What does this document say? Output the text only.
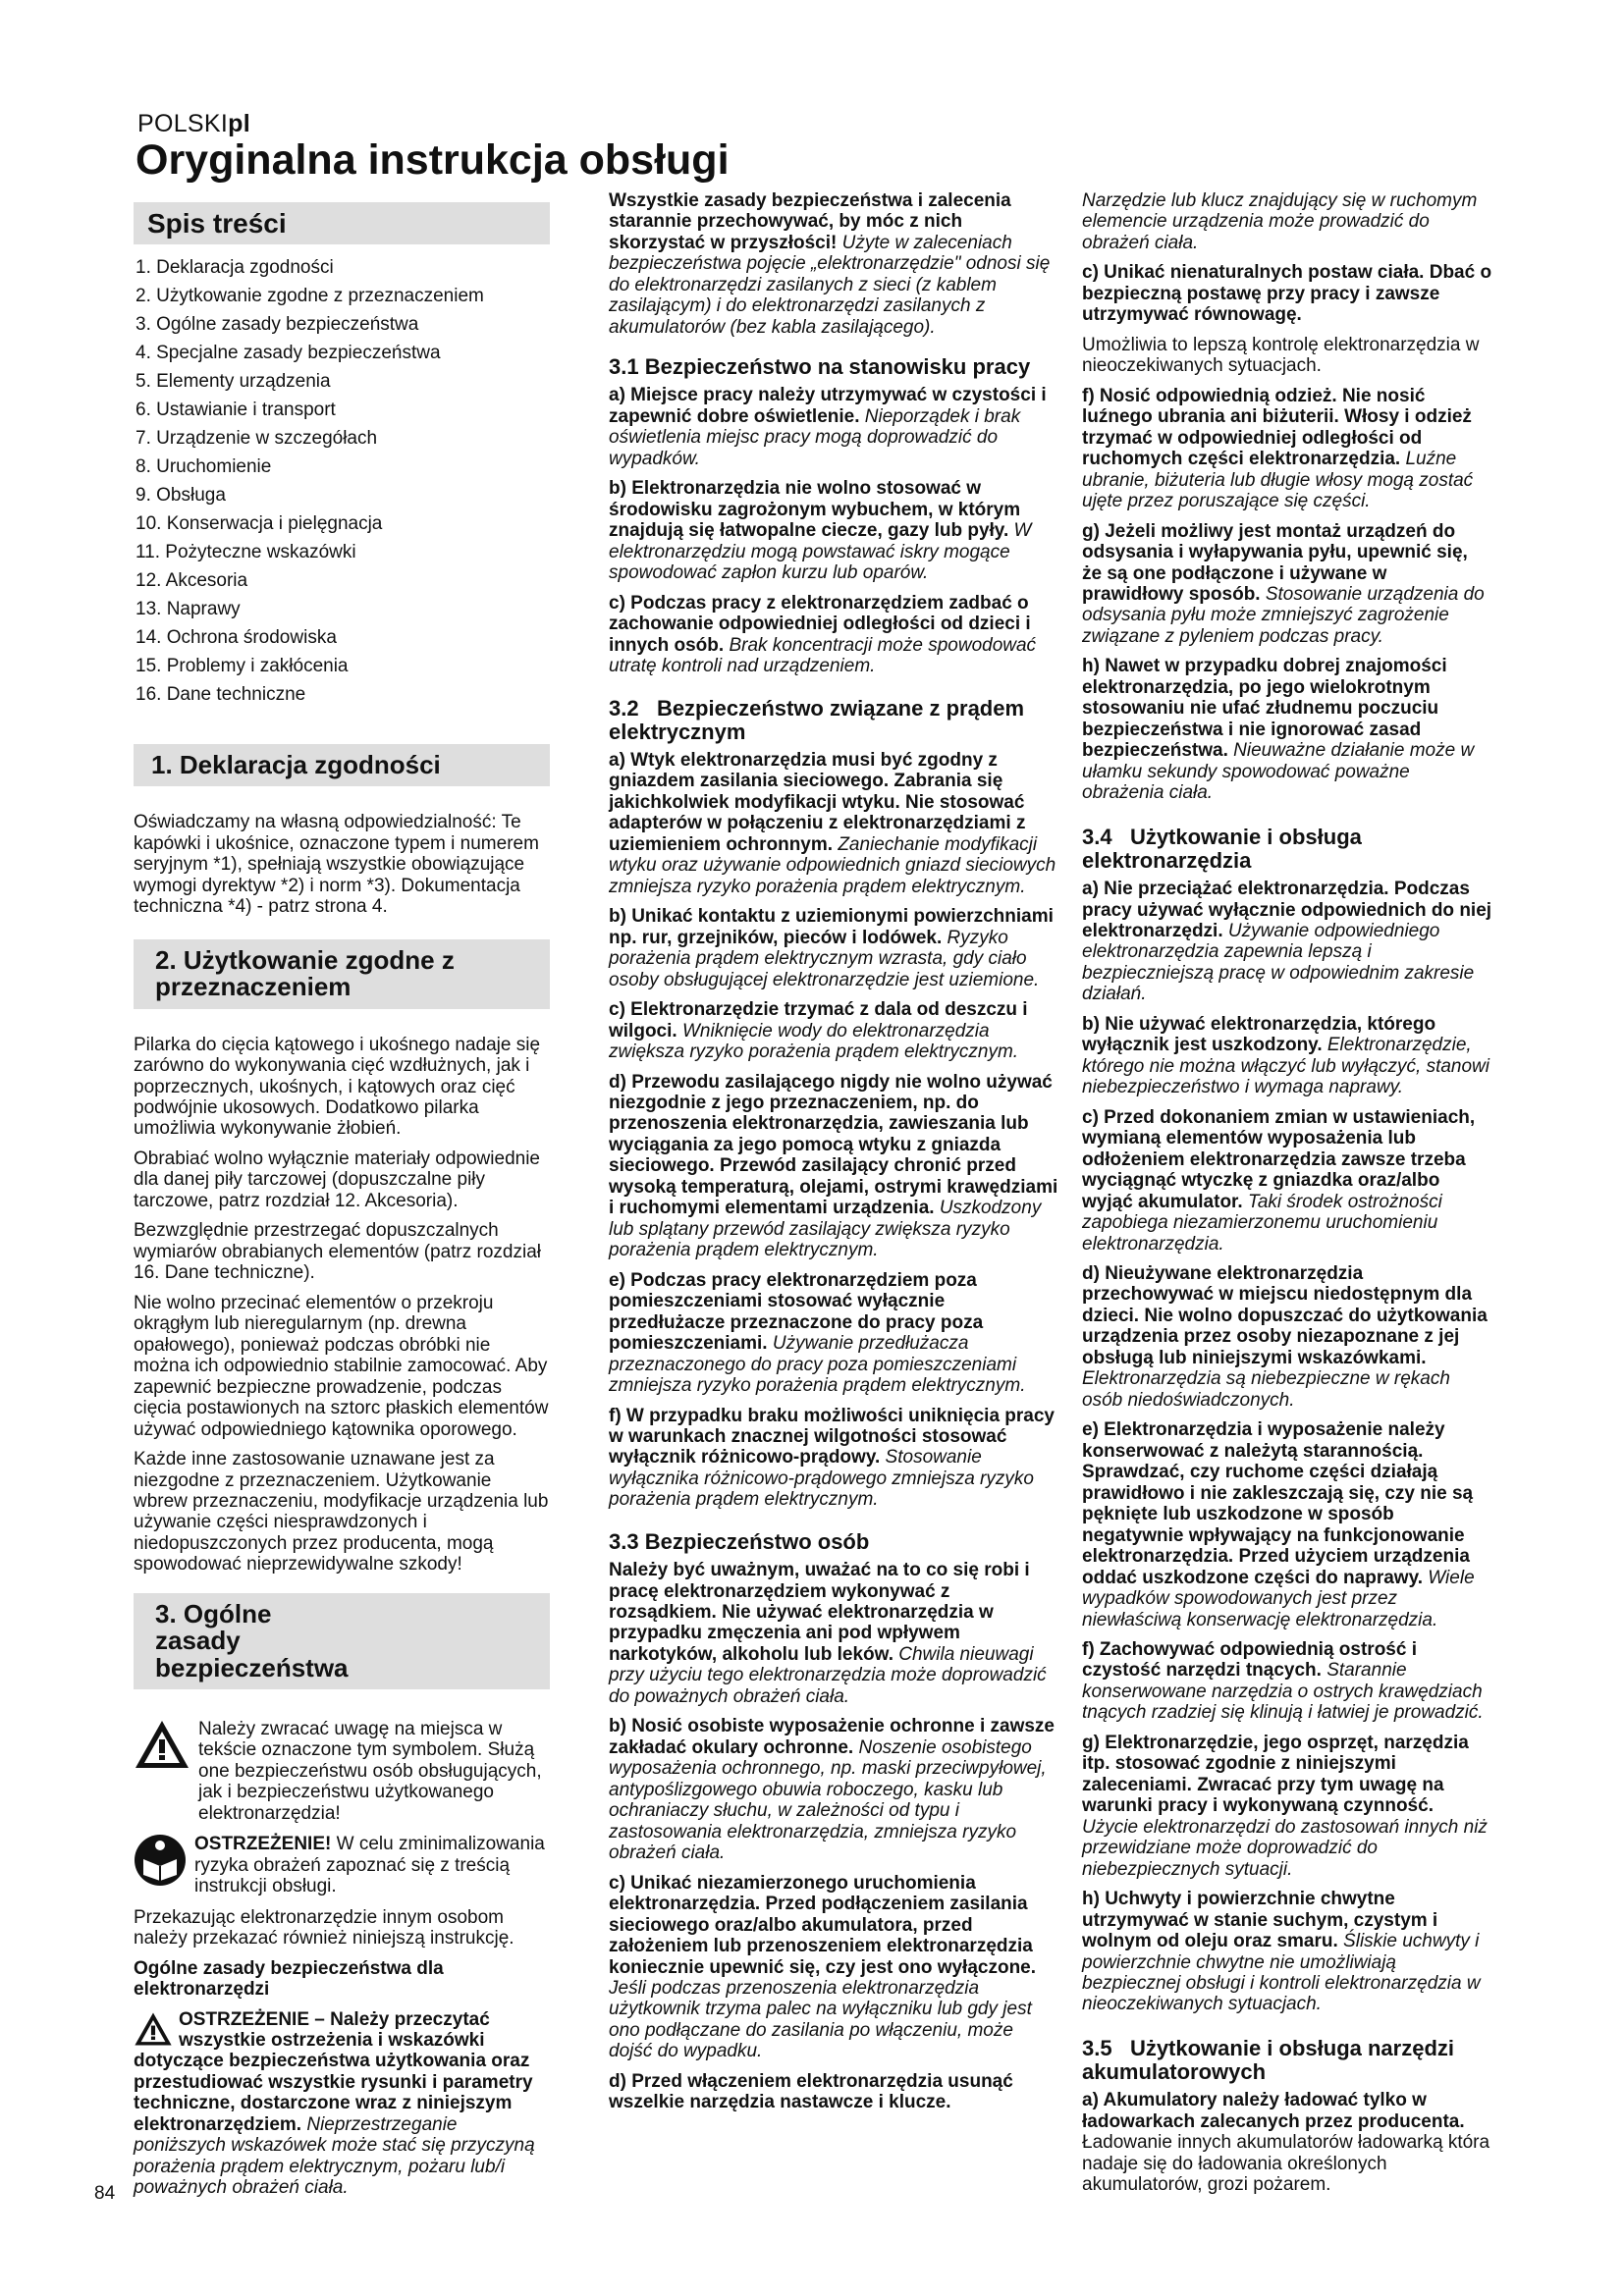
POLSKIpl
Oryginalna instrukcja obsługi
Spis treści
1. Deklaracja zgodności
2. Użytkowanie zgodne z przeznaczeniem
3. Ogólne zasady bezpieczeństwa
4. Specjalne zasady bezpieczeństwa
5. Elementy urządzenia
6. Ustawianie i transport
7. Urządzenie w szczegółach
8. Uruchomienie
9. Obsługa
10. Konserwacja i pielęgnacja
11. Pożyteczne wskazówki
12. Akcesoria
13. Naprawy
14. Ochrona środowiska
15. Problemy i zakłócenia
16. Dane techniczne
1. Deklaracja zgodności

Oświadczamy na własną odpowiedzialność: Te kapówki i ukośnice, oznaczone typem i numerem seryjnym *1), spełniają wszystkie obowiązujące wymogi dyrektyw *2) i norm *3). Dokumentacja techniczna *4) - patrz strona 4.

2. Użytkowanie zgodne z przeznaczeniem

Pilarka do cięcia kątowego i ukośnego nadaje się zarówno do wykonywania cięć wzdłużnych, jak i poprzecznych, ukośnych, i kątowych oraz cięć podwójnie ukosowych. Dodatkowo pilarka umożliwia wykonywanie żłobień.

Obrabiać wolno wyłącznie materiały odpowiednie dla danej piły tarczowej (dopuszczalne piły tarczowe, patrz rozdział 12. Akcesoria).

Bezwzględnie przestrzegać dopuszczalnych wymiarów obrabianych elementów (patrz rozdział 16. Dane techniczne).

Nie wolno przecinać elementów o przekroju okrągłym lub nieregularnym (np. drewna opałowego), ponieważ podczas obróbki nie można ich odpowiednio stabilnie zamocować. Aby zapewnić bezpieczne prowadzenie, podczas cięcia postawionych na sztorc płaskich elementów używać odpowiedniego kątownika oporowego.

Każde inne zastosowanie uznawane jest za niezgodne z przeznaczeniem. Użytkowanie wbrew przeznaczeniu, modyfikacje urządzenia lub używanie części niesprawdzonych i niedopuszczonych przez producenta, mogą spowodować nieprzewidywalne szkody!

3. Ogólne zasady bezpieczeństwa

Należy zwracać uwagę na miejsca w tekście oznaczone tym symbolem. Służą one bezpieczeństwu osób obsługujących, jak i bezpieczeństwu użytkowanego elektronarzędzia!

OSTRZEŻENIE! W celu zminimalizowania ryzyka obrażeń zapoznać się z treścią instrukcji obsługi.

Przekazując elektronarzędzie innym osobom należy przekazać również niniejszą instrukcję.

Ogólne zasady bezpieczeństwa dla elektronarzędzi

OSTRZEŻENIE – Należy przeczytać wszystkie ostrzeżenia i wskazówki dotyczące bezpieczeństwa użytkowania oraz przestudiować wszystkie rysunki i parametry techniczne, dostarczone wraz z niniejszym elektronarzędziem. Nieprzestrzeganie poniższych wskazówek może stać się przyczyną porażenia prądem elektrycznym, pożaru lub/i poważnych obrażeń ciała.

Wszystkie zasady bezpieczeństwa i zalecenia starannie przechowywać, by móc z nich skorzystać w przyszłości! Użyte w zaleceniach bezpieczeństwa pojęcie „elektronarzędzie" odnosi się do elektronarzędzi zasilanych z sieci (z kablem zasilającym) i do elektronarzędzi zasilanych z akumulatorów (bez kabla zasilającego).

3.1 Bezpieczeństwo na stanowisku pracy

a) Miejsce pracy należy utrzymywać w czystości i zapewnić dobre oświetlenie. Nieporządek i brak oświetlenia miejsc pracy mogą doprowadzić do wypadków.

b) Elektronarzędzia nie wolno stosować w środowisku zagrożonym wybuchem, w którym znajdują się łatwopalne ciecze, gazy lub pyły. W elektronarzędziu mogą powstawać iskry mogące spowodować zapłon kurzu lub oparów.

c) Podczas pracy z elektronarzędziem zadbać o zachowanie odpowiedniej odległości od dzieci i innych osób. Brak koncentracji może spowodować utratę kontroli nad urządzeniem.

3.2 Bezpieczeństwo związane z prądem elektrycznym

a) Wtyk elektronarzędzia musi być zgodny z gniazdem zasilania sieciowego. Zabrania się jakichkolwiek modyfikacji wtyku. Nie stosować adapterów w połączeniu z elektronarzędziami z uziemieniem ochronnym. Zaniechanie modyfikacji wtyku oraz używanie odpowiednich gniazd sieciowych zmniejsza ryzyko porażenia prądem elektrycznym.

b) Unikać kontaktu z uziemionymi powierzchniami np. rur, grzejników, pieców i lodówek. Ryzyko porażenia prądem elektrycznym wzrasta, gdy ciało osoby obsługującej elektronarzędzie jest uziemione.

c) Elektronarzędzie trzymać z dala od deszczu i wilgoci. Wniknięcie wody do elektronarzędzia zwiększa ryzyko porażenia prądem elektrycznym.

d) Przewodu zasilającego nigdy nie wolno używać niezgodnie z jego przeznaczeniem, np. do przenoszenia elektronarzędzia, zawieszania lub wyciągania za jego pomocą wtyku z gniazda sieciowego. Przewód zasilający chronić przed wysoką temperaturą, olejami, ostrymi krawędziami i ruchomymi elementami urządzenia. Uszkodzony lub splątany przewód zasilający zwiększa ryzyko porażenia prądem elektrycznym.

e) Podczas pracy elektronarzędziem poza pomieszczeniami stosować wyłącznie przedłużacze przeznaczone do pracy poza pomieszczeniami. Używanie przedłużacza przeznaczonego do pracy poza pomieszczeniami zmniejsza ryzyko porażenia prądem elektrycznym.

f) W przypadku braku możliwości uniknięcia pracy w warunkach znacznej wilgotności stosować wyłącznik różnicowo-prądowy. Stosowanie wyłącznika różnicowo-prądowego zmniejsza ryzyko porażenia prądem elektrycznym.

3.3 Bezpieczeństwo osób

Należy być uważnym, uważać na to co się robi i pracę elektronarzędziem wykonywać z rozsądkiem. Nie używać elektronarzędzia w przypadku zmęczenia ani pod wpływem narkotyków, alkoholu lub leków. Chwila nieuwagi przy użyciu tego elektronarzędzia może doprowadzić do poważnych obrażeń ciała.

b) Nosić osobiste wyposażenie ochronne i zawsze zakładać okulary ochronne. Noszenie osobistego wyposażenia ochronnego, np. maski przeciwpyłowej, antypoślizgowego obuwia roboczego, kasku lub ochraniaczy słuchu, w zależności od typu i zastosowania elektronarzędzia, zmniejsza ryzyko obrażeń ciała.

c) Unikać niezamierzonego uruchomienia elektronarzędzia. Przed podłączeniem zasilania sieciowego oraz/albo akumulatora, przed założeniem lub przenoszeniem elektronarzędzia koniecznie upewnić się, czy jest ono wyłączone. Jeśli podczas przenoszenia elektronarzędzia użytkownik trzyma palec na wyłączniku lub gdy jest ono podłączane do zasilania po włączeniu, może dojść do wypadku.

d) Przed włączeniem elektronarzędzia usunąć wszelkie narzędzia nastawcze i klucze.

Narzędzie lub klucz znajdujący się w ruchomym elemencie urządzenia może prowadzić do obrażeń ciała.

c) Unikać nienaturalnych postaw ciała. Dbać o bezpieczną postawę przy pracy i zawsze utrzymywać równowagę.

Umożliwia to lepszą kontrolę elektronarzędzia w nieoczekiwanych sytuacjach.

f) Nosić odpowiednią odzież. Nie nosić luźnego ubrania ani biżuterii. Włosy i odzież trzymać w odpowiedniej odległości od ruchomych części elektronarzędzia. Luźne ubranie, biżuteria lub długie włosy mogą zostać ujęte przez poruszające się części.

g) Jeżeli możliwy jest montaż urządzeń do odsysania i wyłapywania pyłu, upewnić się, że są one podłączone i używane w prawidłowy sposób. Stosowanie urządzenia do odsysania pyłu może zmniejszyć zagrożenie związane z pyleniem podczas pracy.

h) Nawet w przypadku dobrej znajomości elektronarzędzia, po jego wielokrotnym stosowaniu nie ufać złudnemu poczuciu bezpieczeństwa i nie ignorować zasad bezpieczeństwa. Nieuważne działanie może w ułamku sekundy spowodować poważne obrażenia ciała.

3.4 Użytkowanie i obsługa elektronarzędzia

a) Nie przeciążać elektronarzędzia. Podczas pracy używać wyłącznie odpowiednich do niej elektronarzędzi. Używanie odpowiedniego elektronarzędzia zapewnia lepszą i bezpieczniejszą pracę w odpowiednim zakresie działań.

b) Nie używać elektronarzędzia, którego wyłącznik jest uszkodzony. Elektronarzędzie, którego nie można włączyć lub wyłączyć, stanowi niebezpieczeństwo i wymaga naprawy.

c) Przed dokonaniem zmian w ustawieniach, wymianą elementów wyposażenia lub odłożeniem elektronarzędzia zawsze trzeba wyciągnąć wtyczkę z gniazdka oraz/albo wyjąć akumulator. Taki środek ostrożności zapobiega niezamierzonemu uruchomieniu elektronarzędzia.

d) Nieużywane elektronarzędzia przechowywać w miejscu niedostępnym dla dzieci. Nie wolno dopuszczać do użytkowania urządzenia przez osoby niezapoznane z jej obsługą lub niniejszymi wskazówkami. Elektronarzędzia są niebezpieczne w rękach osób niedoświadczonych.

e) Elektronarzędzia i wyposażenie należy konserwować z należytą starannością. Sprawdzać, czy ruchome części działają prawidłowo i nie zakleszczają się, czy nie są pęknięte lub uszkodzone w sposób negatywnie wpływający na funkcjonowanie elektronarzędzia. Przed użyciem urządzenia oddać uszkodzone części do naprawy. Wiele wypadków spowodowanych jest przez niewłaściwą konserwację elektronarzędzia.

f) Zachowywać odpowiednią ostrość i czystość narzędzi tnących. Starannie konserwowane narzędzia o ostrych krawędziach tnących rzadziej się klinują i łatwiej je prowadzić.

g) Elektronarzędzie, jego osprzęt, narzędzia itp. stosować zgodnie z niniejszymi zaleceniami. Zwracać przy tym uwagę na warunki pracy i wykonywaną czynność. Użycie elektronarzędzi do zastosowań innych niż przewidziane może doprowadzić do niebezpiecznych sytuacji.

h) Uchwyty i powierzchnie chwytne utrzymywać w stanie suchym, czystym i wolnym od oleju oraz smaru. Śliskie uchwyty i powierzchnie chwytne nie umożliwiają bezpiecznej obsługi i kontroli elektronarzędzia w nieoczekiwanych sytuacjach.

3.5 Użytkowanie i obsługa narzędzi akumulatorowych

a) Akumulatory należy ładować tylko w ładowarkach zalecanych przez producenta. Ładowanie innych akumulatorów ładowarką która nadaje się do ładowania określonych akumulatorów, grozi pożarem.

84
